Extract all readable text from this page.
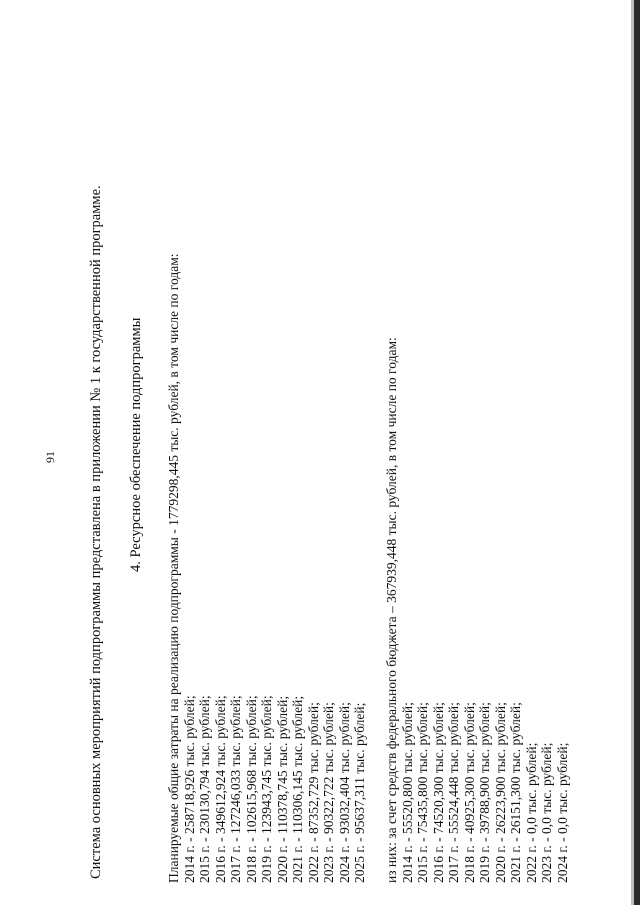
91 Система основных мероприятий подпрограммы представлена в приложении № 1 к государственной программе. 4. Ресурсное обеспечение подпрограммы Планируемые общие затраты на реализацию подпрограммы - 1779298,445 тыс. рублей, в том числе по годам: 2014 г. - 258718,926 тыс. рублей; 2015 г. - 230130,794 тыс. рублей; 2016 г. - 349612,924 тыс. рублей; 2017 г. - 127246,033 тыс. рублей; 2018 г. - 102615,968 тыс. рублей; 2019 г. - 123943,745 тыс. рублей; 2020 г. - 110378,745 тыс. рублей; 2021 г. - 110306,145 тыс. рублей; 2022 г. - 87352,729 тыс. рублей; 2023 г. - 90322,722 тыс. рублей; 2024 г. - 93032,404 тыс. рублей; 2025 г. - 95637,311 тыс. рублей; из них: за счет средств федерального бюджета – 367939,448 тыс. рублей, в том числе по годам: 2014 г. - 55520,800 тыс. рублей; 2015 г. - 75435,800 тыс. рублей; 2016 г. - 74520,300 тыс. рублей; 2017 г. - 55524,448 тыс. рублей; 2018 г. - 40925,300 тыс. рублей; 2019 г. - 39788,900 тыс. рублей; 2020 г. - 26223,900 тыс. рублей; 2021 г. - 26151,300 тыс. рублей; 2022 г. - 0,0 тыс. рублей; 2023 г. - 0,0 тыс. рублей; 2024 г. - 0,0 тыс. рублей;
